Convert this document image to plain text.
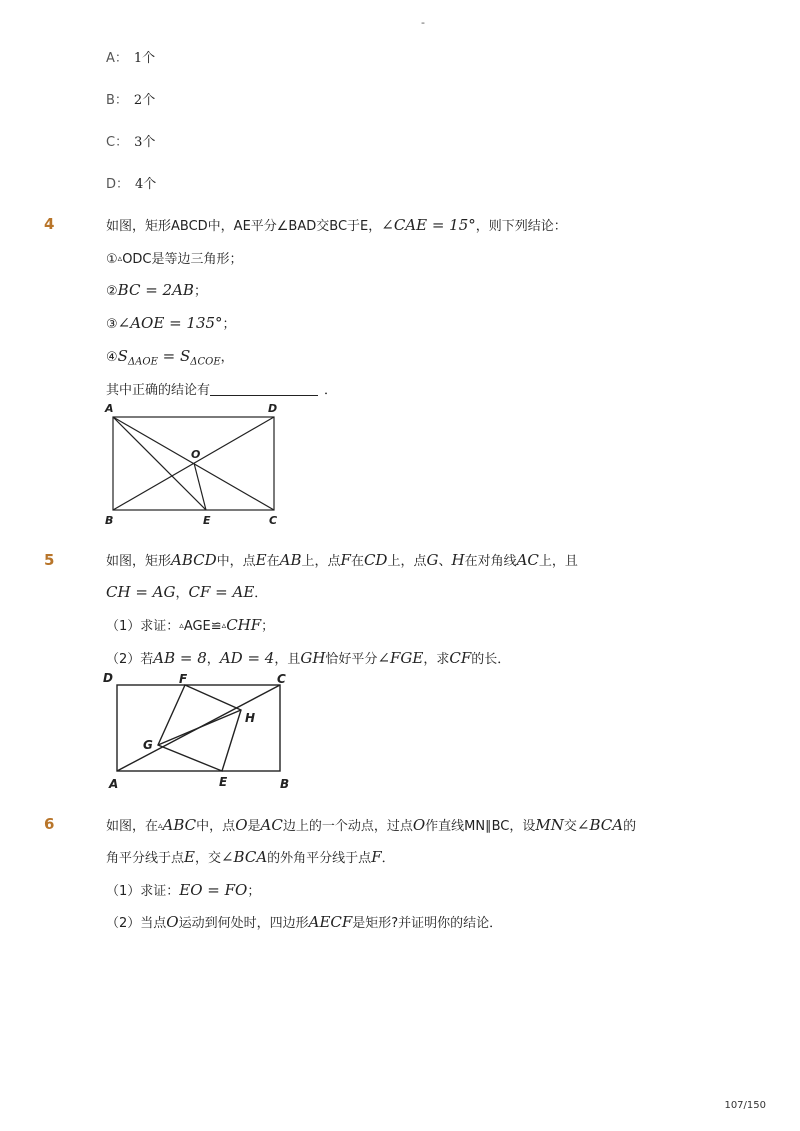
-
A： 1个
B： 2个
C： 3个
D： 4个
4	如图，矩形ABCD中，AE平分∠BAD交BC于E，∠CAE = 15°，则下列结论：
①▵ODC是等边三角形；
②BC = 2AB；
③∠AOE = 135°；
$④S_{\Delta AOE} = S_{\Delta COE}$，
其中正确的结论有	．
A	D
B	C
E
O
5	如图，矩形ABCD中，点E在AB上，点F在CD上，点G、H在对角线AC上，且
CH = AG，CF = AE．
（1）求证：▵AGE≌▵CHF；
（2）若AB = 8，AD = 4，且GH恰好平分∠FGE，求CF的长．
D	F	C
H
G
A	E	B
6	如图，在▵ABC中，点O是AC边上的一个动点，过点O作直线MN∥BC，设MN交∠BCA的
角平分线于点E，交∠BCA的外角平分线于点F．
（1）求证：EO = FO；
（2）当点O运动到何处时，四边形AECF是矩形?并证明你的结论．
107/150
